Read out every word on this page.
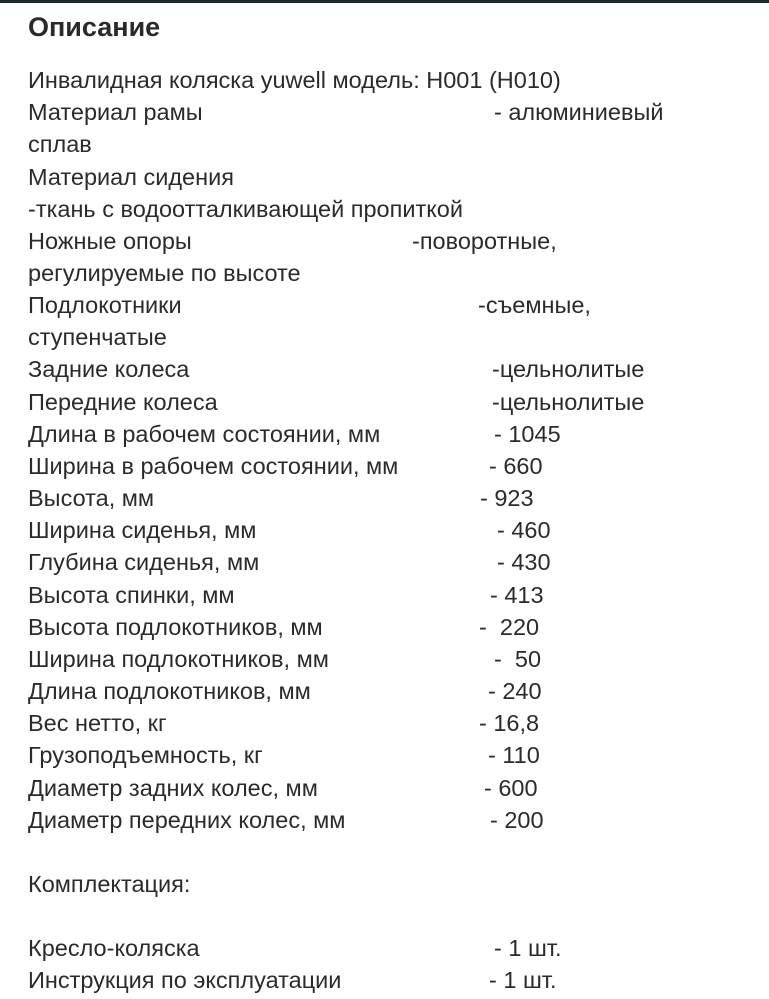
Описание
Инвалидная коляска yuwell модель: H001 (H010)
Материал рамы	- алюминиевый
сплав
Материал сидения
-ткань с водоотталкивающей пропиткой
Ножные опоры	-поворотные,
регулируемые по высоте
Подлокотники	-съемные,
ступенчатые
Задние колеса	-цельнолитые
Передние колеса	-цельнолитые
Длина в рабочем состоянии, мм	- 1045
Ширина в рабочем состоянии, мм	- 660
Высота, мм	- 923
Ширина сиденья, мм	- 460
Глубина сиденья, мм	- 430
Высота спинки, мм	- 413
Высота подлокотников, мм	-  220
Ширина подлокотников, мм	-  50
Длина подлокотников, мм	- 240
Вес нетто, кг	- 16,8
Грузоподъемность, кг	- 110
Диаметр задних колес, мм	- 600
Диаметр передних колес, мм	- 200
Комплектация:
Кресло-коляска	- 1 шт.
Инструкция по эксплуатации	- 1 шт.
